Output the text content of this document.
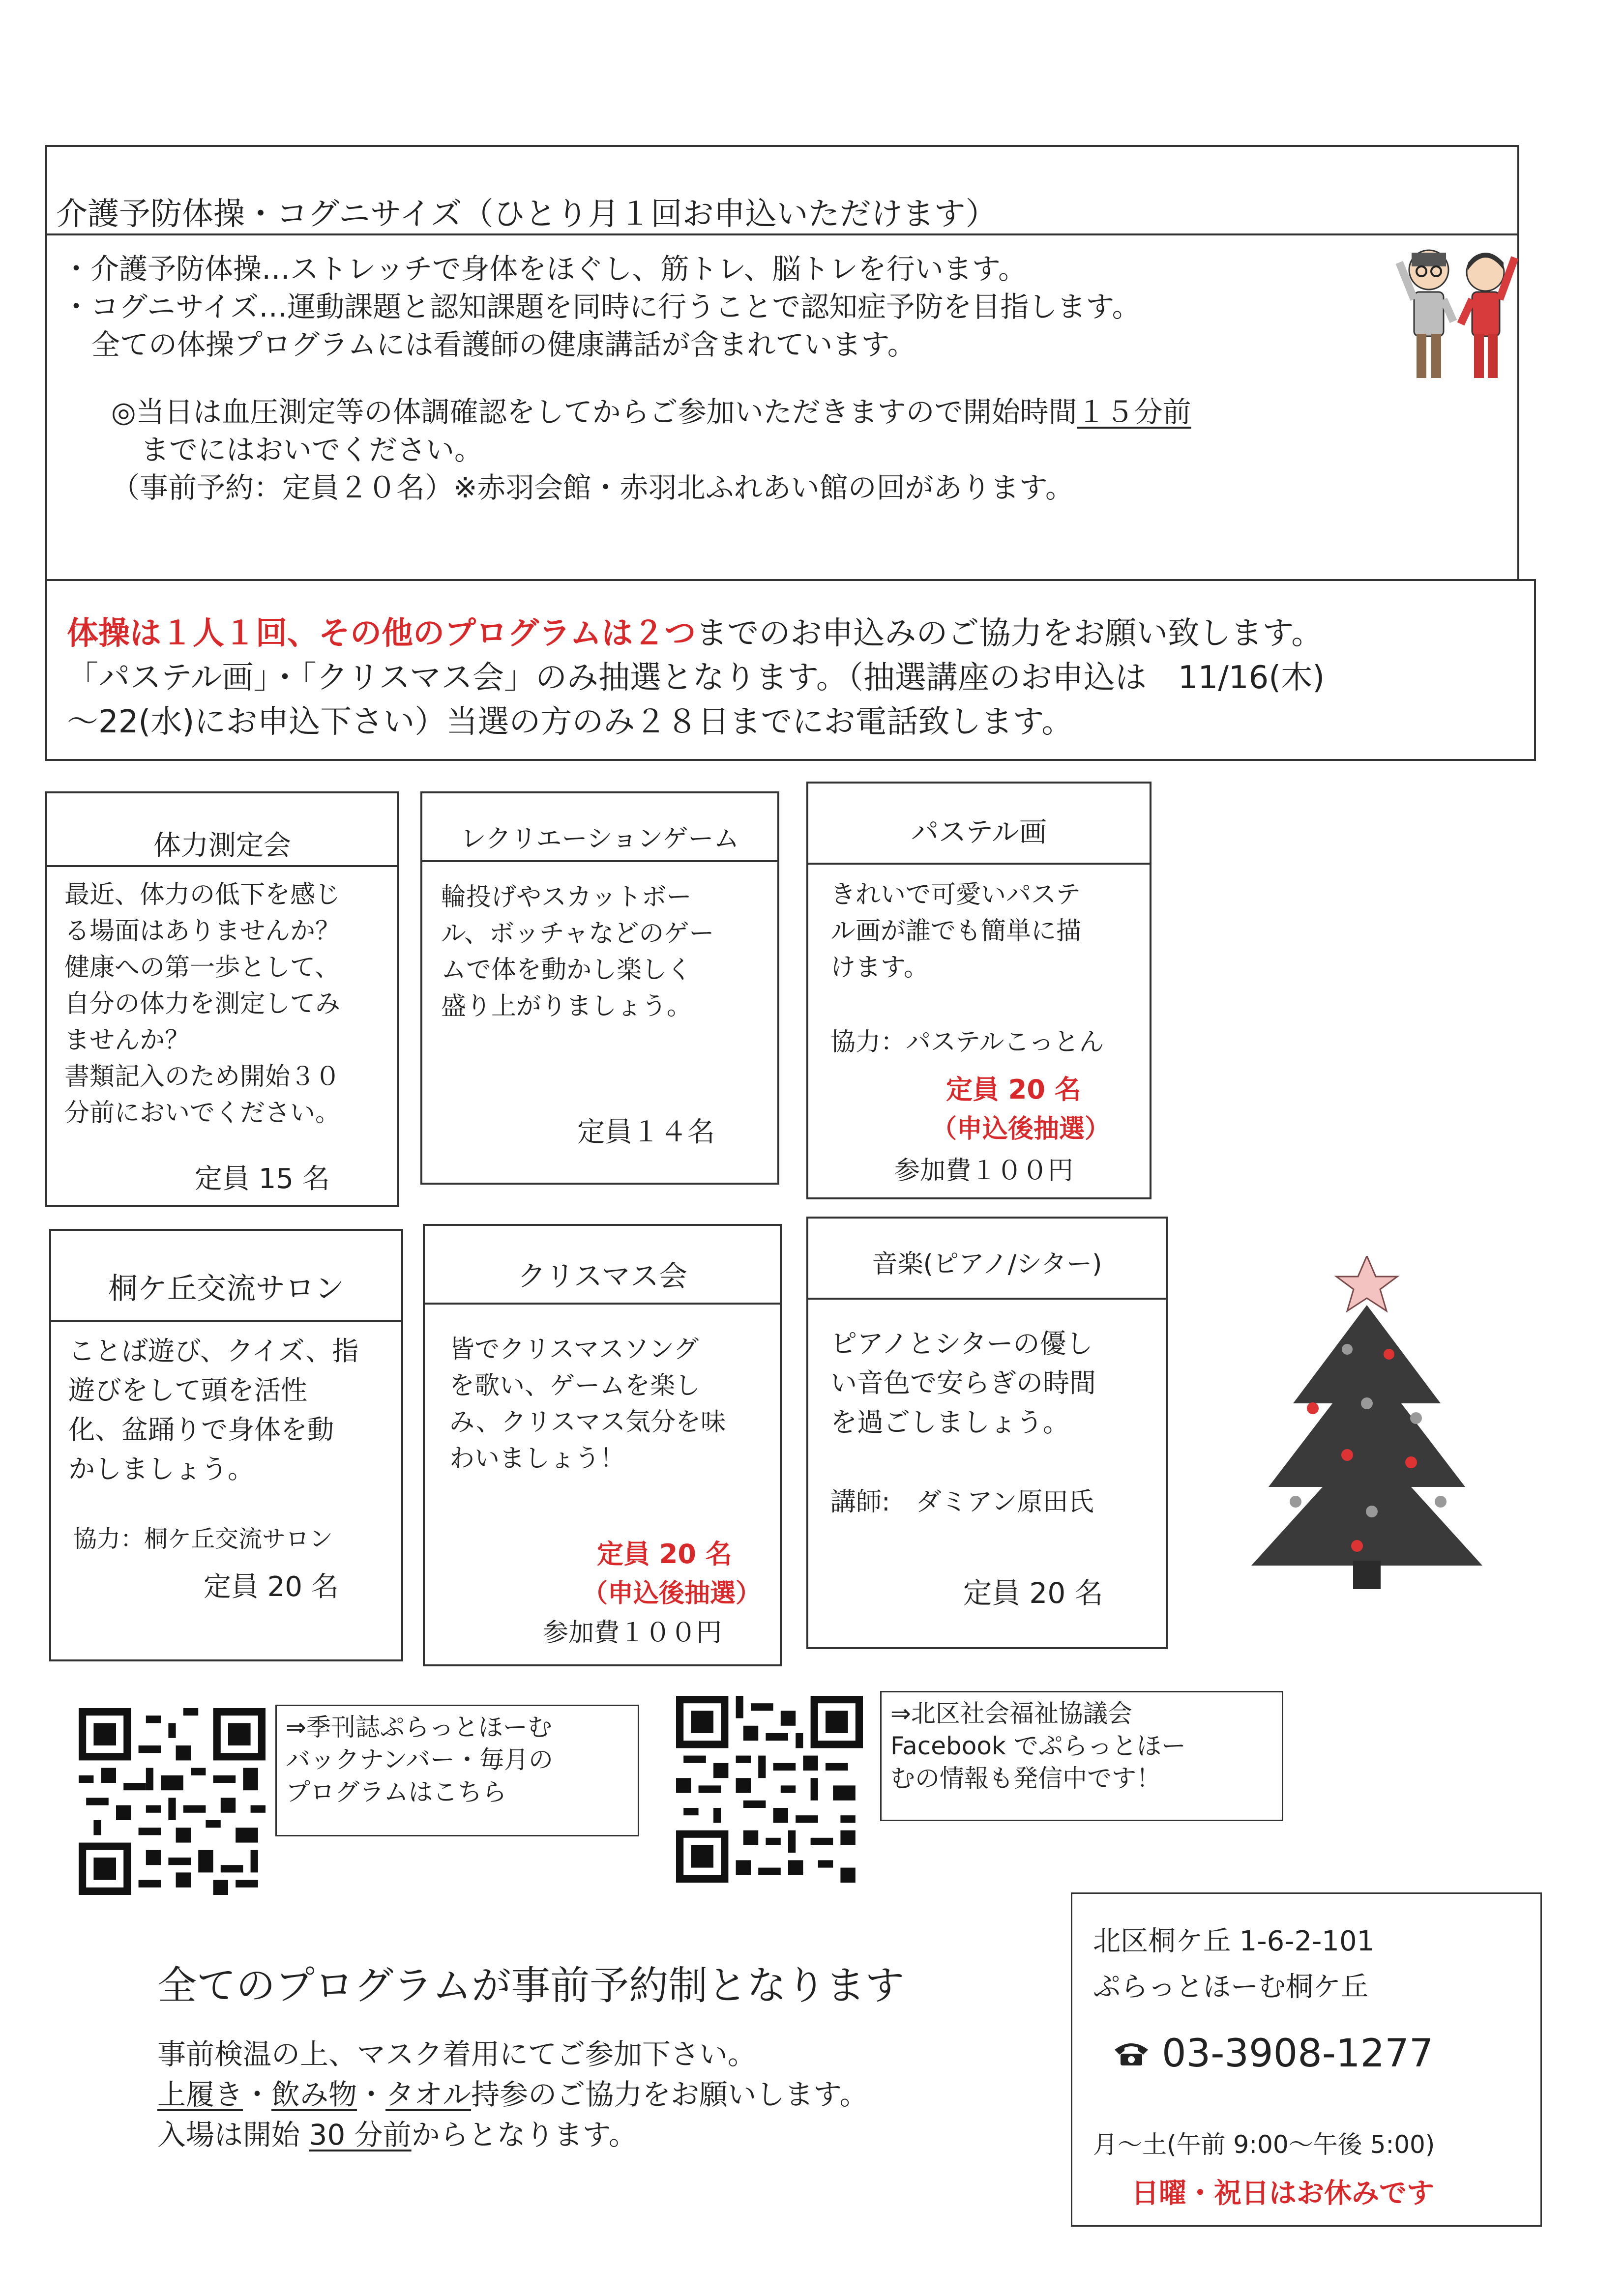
介護予防体操・コグニサイズ（ひとり月１回お申込いただけます）
・介護予防体操…ストレッチで身体をほぐし、筋トレ、脳トレを行います。
・コグニサイズ…運動課題と認知課題を同時に行うことで認知症予防を目指します。
全ての体操プログラムには看護師の健康講話が含まれています。
◎当日は血圧測定等の体調確認をしてからご参加いただきますので開始時間１５分前
までにはおいでください。
（事前予約：定員２０名）※赤羽会館・赤羽北ふれあい館の回があります。
体操は１人１回、その他のプログラムは２つまでのお申込みのご協力をお願い致します。
「パステル画」・「クリスマス会」のみ抽選となります。（抽選講座のお申込は　11/16(木)
～22(水)にお申込下さい）当選の方のみ２８日までにお電話致します。
体力測定会
最近、体力の低下を感じ
る場面はありませんか？
健康への第一歩として、
自分の体力を測定してみ
ませんか？
書類記入のため開始３０
分前においでください。
定員 15 名
レクリエーションゲーム
輪投げやスカットボー
ル、ボッチャなどのゲー
ムで体を動かし楽しく
盛り上がりましょう。
定員１４名
パステル画
きれいで可愛いパステ
ル画が誰でも簡単に描
けます。
協力：パステルこっとん
定員 20 名
（申込後抽選）
参加費１００円
桐ケ丘交流サロン
ことば遊び、クイズ、指
遊びをして頭を活性
化、盆踊りで身体を動
かしましょう。
協力：桐ケ丘交流サロン
定員 20 名
クリスマス会
皆でクリスマスソング
を歌い、ゲームを楽し
み、クリスマス気分を味
わいましょう！
定員 20 名
（申込後抽選）
参加費１００円
音楽(ピアノ/シター)
ピアノとシターの優し
い音色で安らぎの時間
を過ごしましょう。
講師:　ダミアン原田氏
定員 20 名
⇒季刊誌ぷらっとほーむ
バックナンバー・毎月の
プログラムはこちら
⇒北区社会福祉協議会
Facebook でぷらっとほー
むの情報も発信中です！
全てのプログラムが事前予約制となります
事前検温の上、マスク着用にてご参加下さい。
上履き・飲み物・タオル持参のご協力をお願いします。
入場は開始 30 分前からとなります。
北区桐ケ丘 1-6-2-101
ぷらっとほーむ桐ケ丘
03-3908-1277
月～土(午前 9:00～午後 5:00)
日曜・祝日はお休みです
